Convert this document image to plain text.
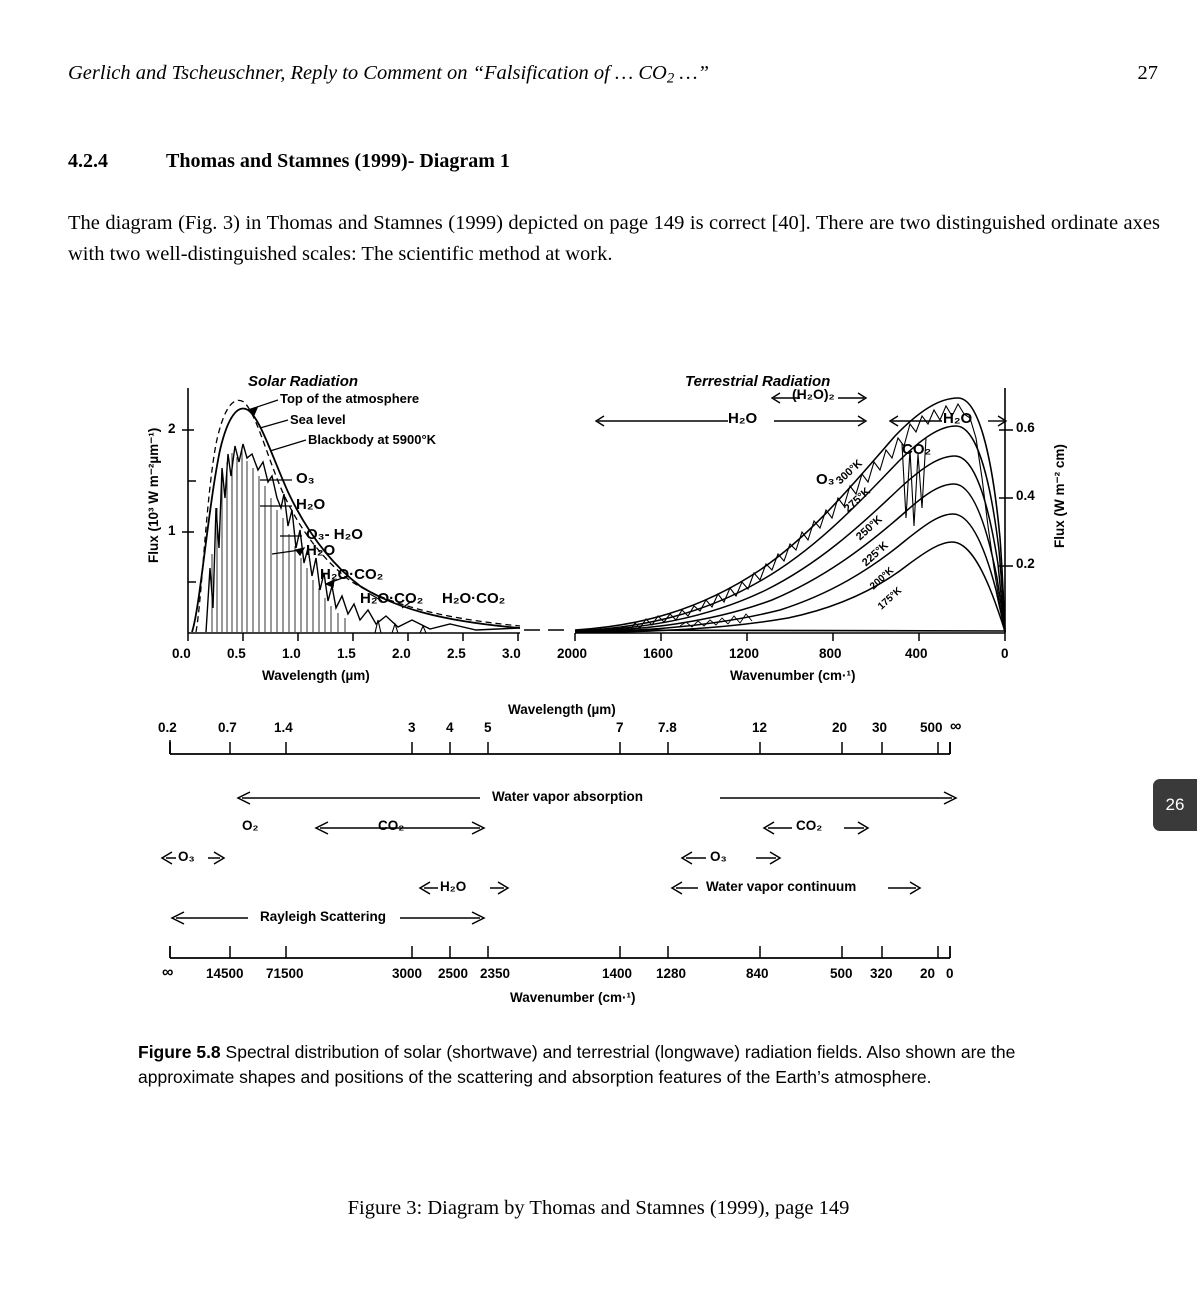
Gerlich and Tscheuschner, Reply to Comment on “Falsification of … $CO_2$ …”	27
4.2.4	Thomas and Stamnes (1999)- Diagram 1
The diagram (Fig. 3) in Thomas and Stamnes (1999) depicted on page 149 is correct [40]. There are two distinguished ordinate axes with two well-distinguished scales: The scientific method at work.
Solar Radiation	Terrestrial Radiation
Top of the atmosphere
Sea level
Blackbody at 5900°K
O₃
H₂O
O₃- H₂O
H₂O
H₂O·CO₂
H₂O·CO₂ H₂O·CO₂
(H₂O)₂
H₂O	H₂O
CO₂
O₃ 300°K
275°K
250°K
225°K
200°K
175°K
2
1
0.6
0.4
0.2
0.0	0.5	1.0	1.5	2.0	2.5	3.0	2000	1600	1200	800	400	0
Wavelength (µm)	Wavenumber (cm·¹)
Flux (10³ W m⁻²µm⁻¹)	Flux (W m⁻² cm)
Wavelength (µm)
0.2	0.7	1.4	3 4 5	7	7.8	12	20 30 500 ∞
Water vapor absorption
O₂	CO₂	CO₂
O₃	O₃
H₂O	Water vapor continuum
Rayleigh Scattering
∞ 14500 71500	3000 2500 2350	1400 1280	840	500 320 20 0
Wavenumber (cm·¹)
Figure 5.8 Spectral distribution of solar (shortwave) and terrestrial (longwave) radiation fields. Also shown are the approximate shapes and positions of the scattering and absorption features of the Earth’s atmosphere.
Figure 3: Diagram by Thomas and Stamnes (1999), page 149
26
